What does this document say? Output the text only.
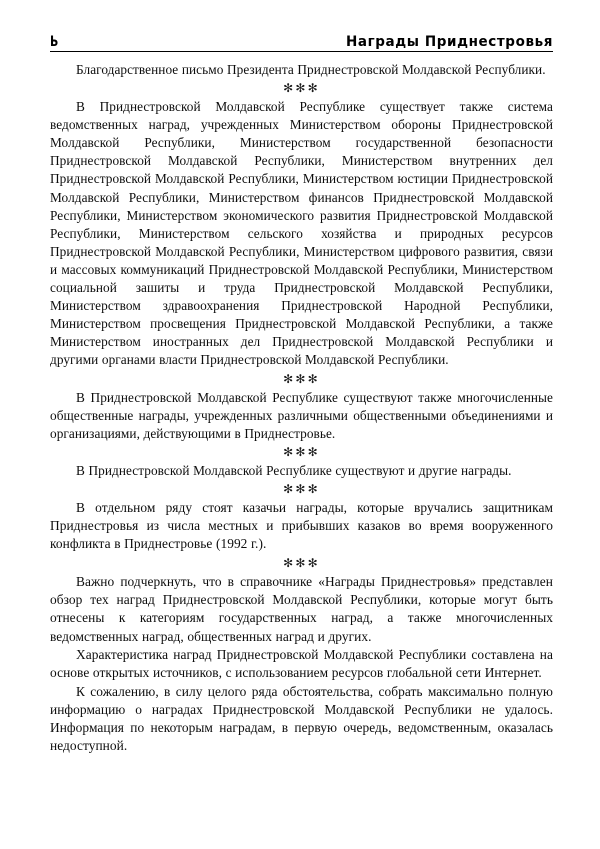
Ь	Награды Приднестровья

Благодарственное письмо Президента Приднестровской Молдавской Республики.

✻✻✻

В Приднестровской Молдавской Республике существует также система ведомственных наград, учрежденных Министерством обороны Приднестровской Молдавской Республики, Министерством государственной безопасности Приднестровской Молдавской Республики, Министерством внутренних дел Приднестровской Молдавской Республики, Министерством юстиции Приднестровской Молдавской Республики, Министерством финансов Приднестровской Молдавской Республики, Министерством экономического развития Приднестровской Молдавской Республики, Министерством сельского хозяйства и природных ресурсов Приднестровской Молдавской Республики, Министерством цифрового развития, связи и массовых коммуникаций Приднестровской Молдавской Республики, Министерством социальной зашиты и труда Приднестровской Молдавской Республики, Министерством здравоохранения Приднестровской Народной Республики, Министерством просвещения Приднестровской Молдавской Республики, а также Министерством иностранных дел Приднестровской Молдавской Республики и другими органами власти Приднестровской Молдавской Республики.

✻✻✻

В Приднестровской Молдавской Республике существуют также многочисленные общественные награды, учрежденных различными общественными объединениями и организациями, действующими в Приднестровье.

✻✻✻

В Приднестровской Молдавской Республике существуют и другие награды.

✻✻✻

В отдельном ряду стоят казачьи награды, которые вручались защитникам Приднестровья из числа местных и прибывших казаков во время вооруженного конфликта в Приднестровье (1992 г.).

✻✻✻

Важно подчеркнуть, что в справочнике «Награды Приднестровья» представлен обзор тех наград Приднестровской Молдавской Республики, которые могут быть отнесены к категориям государственных наград, а также многочисленных ведомственных наград, общественных наград и других.

Характеристика наград Приднестровской Молдавской Республики составлена на основе открытых источников, с использованием ресурсов глобальной сети Интернет.

К сожалению, в силу целого ряда обстоятельства, собрать максимально полную информацию о наградах Приднестровской Молдавской Республики не удалось. Информация по некоторым наградам, в первую очередь, ведомственным, оказалась недоступной.
